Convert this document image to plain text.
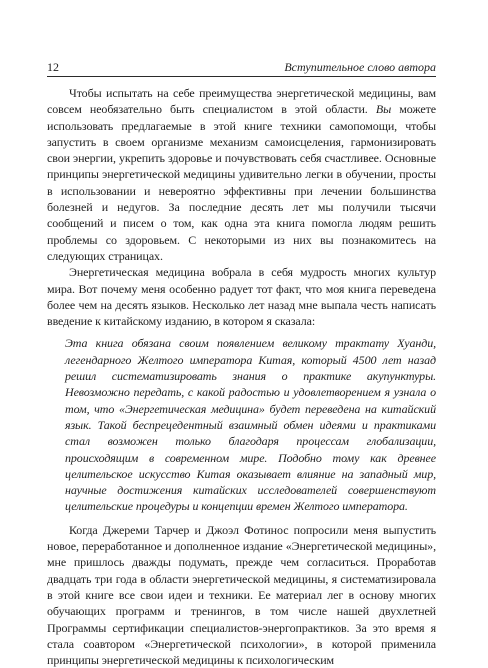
12	Вступительное слово автора

Чтобы испытать на себе преимущества энергетической медицины, вам совсем необязательно быть специалистом в этой области. Вы можете использовать предлагаемые в этой книге техники самопомощи, чтобы запустить в своем организме механизм самоисцеления, гармонизировать свои энергии, укрепить здоровье и почувствовать себя счастливее. Основные принципы энергетической медицины удивительно легки в обучении, просты в использовании и невероятно эффективны при лечении большинства болезней и недугов. За последние десять лет мы получили тысячи сообщений и писем о том, как одна эта книга помогла людям решить проблемы со здоровьем. С некоторыми из них вы познакомитесь на следующих страницах.

Энергетическая медицина вобрала в себя мудрость многих культур мира. Вот почему меня особенно радует тот факт, что моя книга переведена более чем на десять языков. Несколько лет назад мне выпала честь написать введение к китайскому изданию, в котором я сказала:

Эта книга обязана своим появлением великому трактату Хуанди, легендарного Желтого императора Китая, который 4500 лет назад решил систематизировать знания о практике акупунктуры. Невозможно передать, с какой радостью и удовлетворением я узнала о том, что «Энергетическая медицина» будет переведена на китайский язык. Такой беспрецедентный взаимный обмен идеями и практиками стал возможен только благодаря процессам глобализации, происходящим в современном мире. Подобно тому как древнее целительское искусство Китая оказывает влияние на западный мир, научные достижения китайских исследователей совершенствуют целительские процедуры и концепции времен Желтого императора.

Когда Джереми Тарчер и Джоэл Фотинос попросили меня выпустить новое, переработанное и дополненное издание «Энергетической медицины», мне пришлось дважды подумать, прежде чем согласиться. Проработав двадцать три года в области энергетической медицины, я систематизировала в этой книге все свои идеи и техники. Ее материал лег в основу многих обучающих программ и тренингов, в том числе нашей двухлетней Программы сертификации специалистов-энергопрактиков. За это время я стала соавтором «Энергетической психологии», в которой применила принципы энергетической медицины к психологическим
